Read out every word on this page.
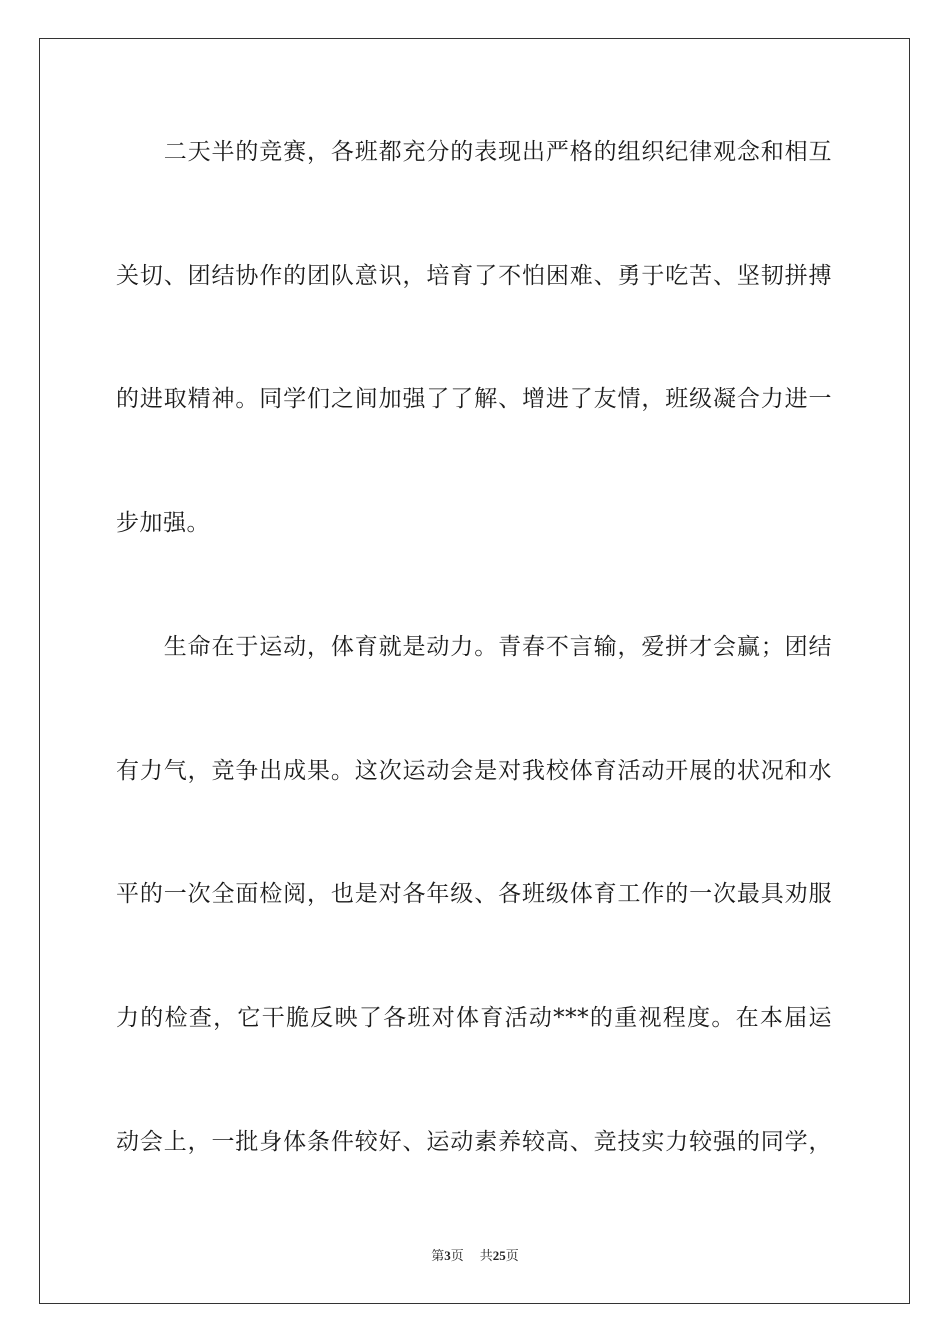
　　二天半的竞赛，各班都充分的表现出严格的组织纪律观念和相互
关切、团结协作的团队意识，培育了不怕困难、勇于吃苦、坚韧拼搏
的进取精神。同学们之间加强了了解、增进了友情，班级凝合力进一
步加强。
　　生命在于运动，体育就是动力。青春不言输，爱拼才会赢；团结
有力气，竞争出成果。这次运动会是对我校体育活动开展的状况和水
平的一次全面检阅，也是对各年级、各班级体育工作的一次最具劝服
力的检查，它干脆反映了各班对体育活动***的重视程度。在本届运
动会上，一批身体条件较好、运动素养较高、竞技实力较强的同学，
第3页 共25页
